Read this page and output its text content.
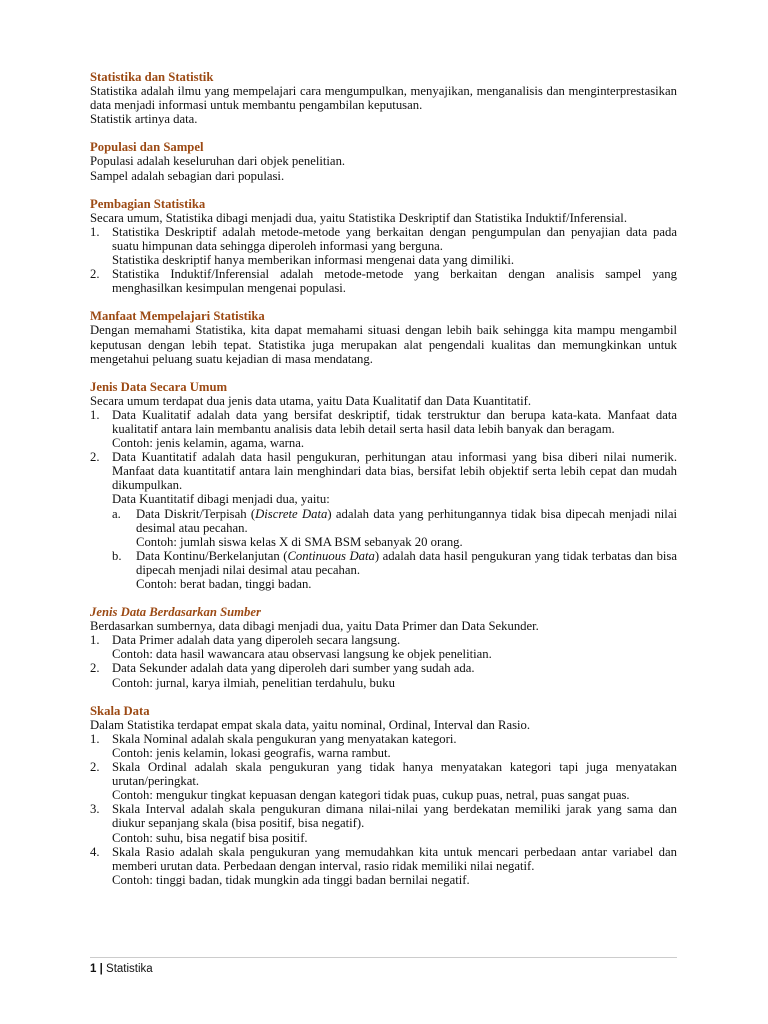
Statistika dan Statistik

Statistika adalah ilmu yang mempelajari cara mengumpulkan, menyajikan, menganalisis dan menginterprestasikan data menjadi informasi untuk membantu pengambilan keputusan.

Statistik artinya data.

Populasi dan Sampel

Populasi adalah keseluruhan dari objek penelitian.

Sampel adalah sebagian dari populasi.

Pembagian Statistika

Secara umum, Statistika dibagi menjadi dua, yaitu Statistika Deskriptif dan Statistika Induktif/Inferensial.

1. Statistika Deskriptif adalah metode-metode yang berkaitan dengan pengumpulan dan penyajian data pada suatu himpunan data sehingga diperoleh informasi yang berguna.
Statistika deskriptif hanya memberikan informasi mengenai data yang dimiliki.
2. Statistika Induktif/Inferensial adalah metode-metode yang berkaitan dengan analisis sampel yang menghasilkan kesimpulan mengenai populasi.
Manfaat Mempelajari Statistika

Dengan memahami Statistika, kita dapat memahami situasi dengan lebih baik sehingga kita mampu mengambil keputusan dengan lebih tepat. Statistika juga merupakan alat pengendali kualitas dan memungkinkan untuk mengetahui peluang suatu kejadian di masa mendatang.

Jenis Data Secara Umum

Secara umum terdapat dua jenis data utama, yaitu Data Kualitatif dan Data Kuantitatif.

1. Data Kualitatif adalah data yang bersifat deskriptif, tidak terstruktur dan berupa kata-kata. Manfaat data kualitatif antara lain membantu analisis data lebih detail serta hasil data lebih banyak dan beragam.
Contoh: jenis kelamin, agama, warna.
2. Data Kuantitatif adalah data hasil pengukuran, perhitungan atau informasi yang bisa diberi nilai numerik. Manfaat data kuantitatif antara lain menghindari data bias, bersifat lebih objektif serta lebih cepat dan mudah dikumpulkan.
Data Kuantitatif dibagi menjadi dua, yaitu:
a. Data Diskrit/Terpisah (Discrete Data) adalah data yang perhitungannya tidak bisa dipecah menjadi nilai desimal atau pecahan.
Contoh: jumlah siswa kelas X di SMA BSM sebanyak 20 orang.
b. Data Kontinu/Berkelanjutan (Continuous Data) adalah data hasil pengukuran yang tidak terbatas dan bisa dipecah menjadi nilai desimal atau pecahan.
Contoh: berat badan, tinggi badan.
Jenis Data Berdasarkan Sumber

Berdasarkan sumbernya, data dibagi menjadi dua, yaitu Data Primer dan Data Sekunder.

1. Data Primer adalah data yang diperoleh secara langsung.
Contoh: data hasil wawancara atau observasi langsung ke objek penelitian.
2. Data Sekunder adalah data yang diperoleh dari sumber yang sudah ada.
Contoh: jurnal, karya ilmiah, penelitian terdahulu, buku
Skala Data

Dalam Statistika terdapat empat skala data, yaitu nominal, Ordinal, Interval dan Rasio.

1. Skala Nominal adalah skala pengukuran yang menyatakan kategori.
Contoh: jenis kelamin, lokasi geografis, warna rambut.
2. Skala Ordinal adalah skala pengukuran yang tidak hanya menyatakan kategori tapi juga menyatakan urutan/peringkat.
Contoh: mengukur tingkat kepuasan dengan kategori tidak puas, cukup puas, netral, puas sangat puas.
3. Skala Interval adalah skala pengukuran dimana nilai-nilai yang berdekatan memiliki jarak yang sama dan diukur sepanjang skala (bisa positif, bisa negatif).
Contoh: suhu, bisa negatif bisa positif.
4. Skala Rasio adalah skala pengukuran yang memudahkan kita untuk mencari perbedaan antar variabel dan memberi urutan data. Perbedaan dengan interval, rasio ridak memiliki nilai negatif.
Contoh: tinggi badan, tidak mungkin ada tinggi badan bernilai negatif.
1 | Statistika
